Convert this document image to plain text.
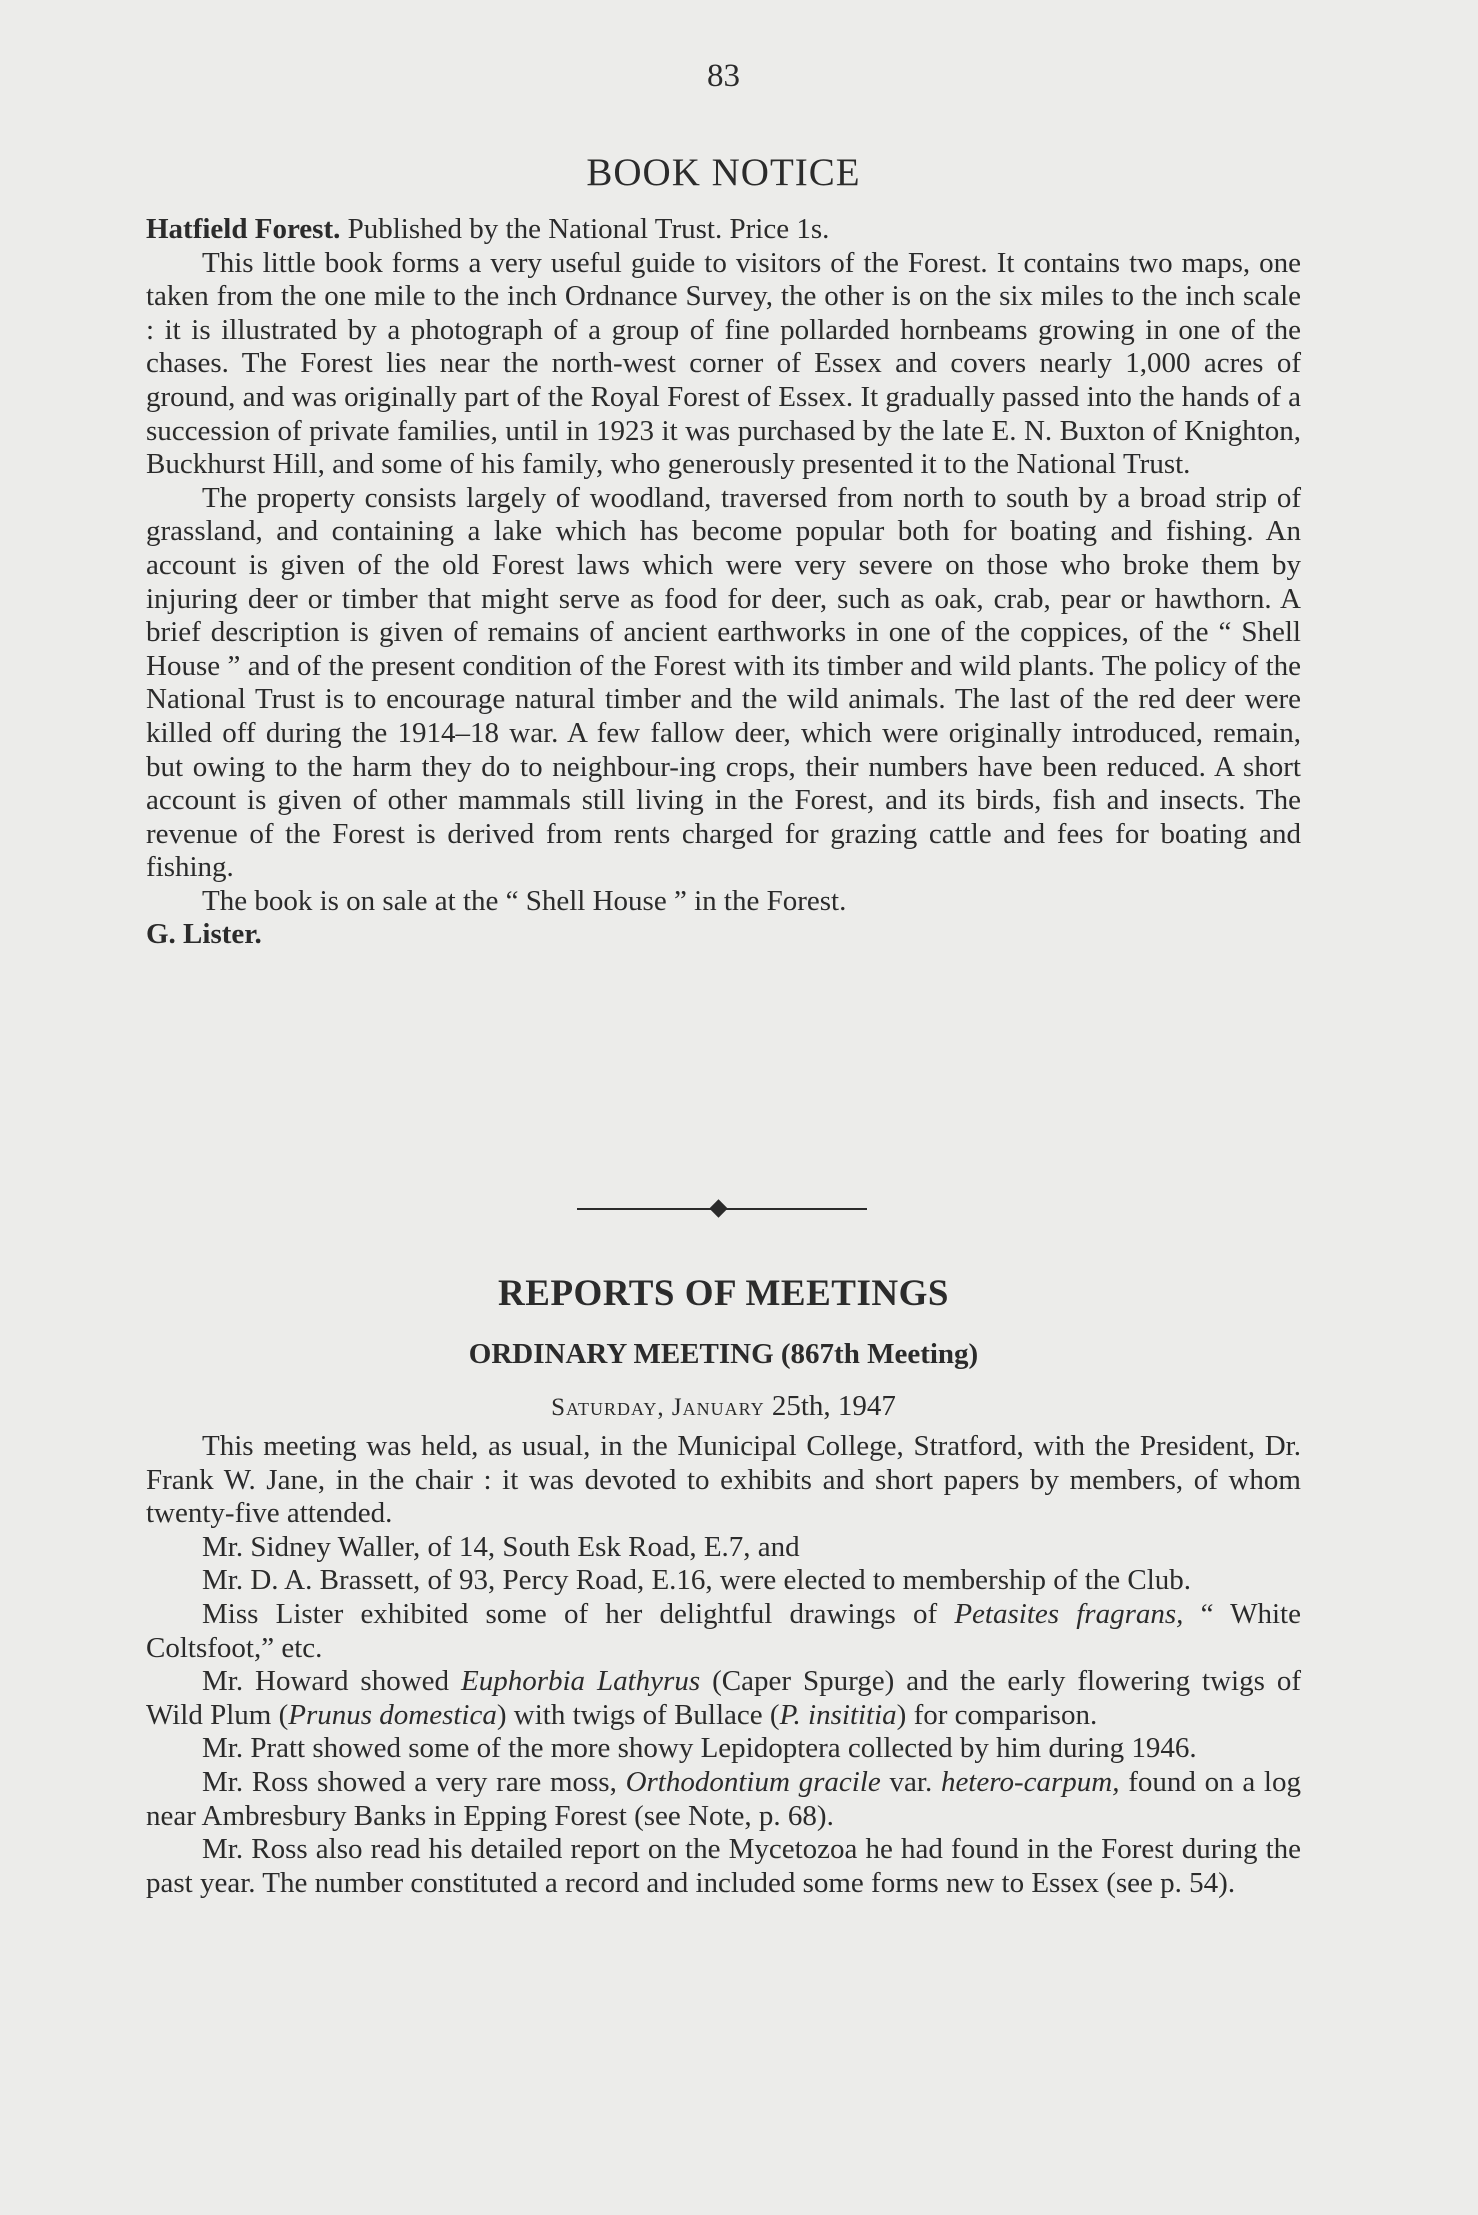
83
BOOK NOTICE

Hatfield Forest. Published by the National Trust. Price 1s.

This little book forms a very useful guide to visitors of the Forest. It contains two maps, one taken from the one mile to the inch Ordnance Survey, the other is on the six miles to the inch scale : it is illustrated by a photograph of a group of fine pollarded hornbeams growing in one of the chases. The Forest lies near the north-west corner of Essex and covers nearly 1,000 acres of ground, and was originally part of the Royal Forest of Essex. It gradually passed into the hands of a succession of private families, until in 1923 it was purchased by the late E. N. Buxton of Knighton, Buckhurst Hill, and some of his family, who generously presented it to the National Trust.

The property consists largely of woodland, traversed from north to south by a broad strip of grassland, and containing a lake which has become popular both for boating and fishing. An account is given of the old Forest laws which were very severe on those who broke them by injuring deer or timber that might serve as food for deer, such as oak, crab, pear or hawthorn. A brief description is given of remains of ancient earthworks in one of the coppices, of the “ Shell House ” and of the present condition of the Forest with its timber and wild plants. The policy of the National Trust is to encourage natural timber and the wild animals. The last of the red deer were killed off during the 1914–18 war. A few fallow deer, which were originally introduced, remain, but owing to the harm they do to neighbour-ing crops, their numbers have been reduced. A short account is given of other mammals still living in the Forest, and its birds, fish and insects. The revenue of the Forest is derived from rents charged for grazing cattle and fees for boating and fishing.

The book is on sale at the “ Shell House ” in the Forest.

G. Lister.

REPORTS OF MEETINGS
ORDINARY MEETING (867th Meeting)
Saturday, January 25th, 1947

This meeting was held, as usual, in the Municipal College, Stratford, with the President, Dr. Frank W. Jane, in the chair : it was devoted to exhibits and short papers by members, of whom twenty-five attended.

Mr. Sidney Waller, of 14, South Esk Road, E.7, and

Mr. D. A. Brassett, of 93, Percy Road, E.16, were elected to membership of the Club.

Miss Lister exhibited some of her delightful drawings of Petasites fragrans, “ White Coltsfoot,” etc.

Mr. Howard showed Euphorbia Lathyrus (Caper Spurge) and the early flowering twigs of Wild Plum (Prunus domestica) with twigs of Bullace (P. insititia) for comparison.

Mr. Pratt showed some of the more showy Lepidoptera collected by him during 1946.

Mr. Ross showed a very rare moss, Orthodontium gracile var. hetero-carpum, found on a log near Ambresbury Banks in Epping Forest (see Note, p. 68).

Mr. Ross also read his detailed report on the Mycetozoa he had found in the Forest during the past year. The number constituted a record and included some forms new to Essex (see p. 54).
